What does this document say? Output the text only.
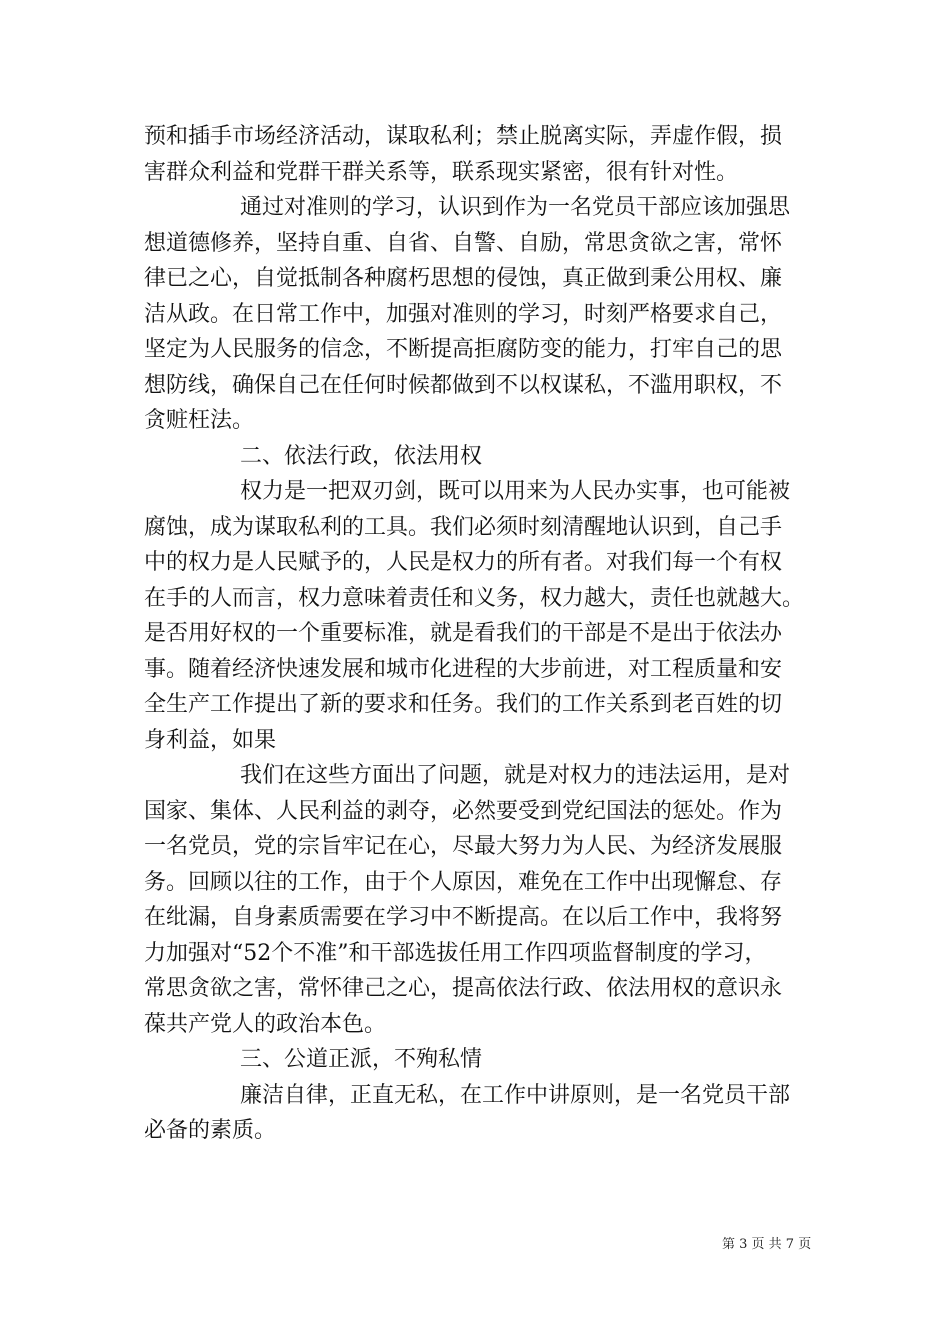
预和插手市场经济活动，谋取私利；禁止脱离实际，弄虚作假，损
害群众利益和党群干群关系等，联系现实紧密，很有针对性。
通过对准则的学习，认识到作为一名党员干部应该加强思
想道德修养，坚持自重、自省、自警、自励，常思贪欲之害，常怀
律已之心，自觉抵制各种腐朽思想的侵蚀，真正做到秉公用权、廉
洁从政。在日常工作中，加强对准则的学习，时刻严格要求自己，
坚定为人民服务的信念，不断提高拒腐防变的能力，打牢自己的思
想防线，确保自己在任何时候都做到不以权谋私，不滥用职权，不
贪赃枉法。
二、依法行政，依法用权
权力是一把双刃剑，既可以用来为人民办实事，也可能被
腐蚀，成为谋取私利的工具。我们必须时刻清醒地认识到，自己手
中的权力是人民赋予的，人民是权力的所有者。对我们每一个有权
在手的人而言，权力意味着责任和义务，权力越大，责任也就越大。
是否用好权的一个重要标准，就是看我们的干部是不是出于依法办
事。随着经济快速发展和城市化进程的大步前进，对工程质量和安
全生产工作提出了新的要求和任务。我们的工作关系到老百姓的切
身利益，如果
我们在这些方面出了问题，就是对权力的违法运用，是对
国家、集体、人民利益的剥夺，必然要受到党纪国法的惩处。作为
一名党员，党的宗旨牢记在心，尽最大努力为人民、为经济发展服
务。回顾以往的工作，由于个人原因，难免在工作中出现懈怠、存
在纰漏，自身素质需要在学习中不断提高。在以后工作中，我将努
力加强对“52个不准”和干部选拔任用工作四项监督制度的学习，
常思贪欲之害，常怀律己之心，提高依法行政、依法用权的意识永
葆共产党人的政治本色。
三、公道正派，不殉私情
廉洁自律，正直无私，在工作中讲原则，是一名党员干部
必备的素质。
第 3 页 共 7 页
